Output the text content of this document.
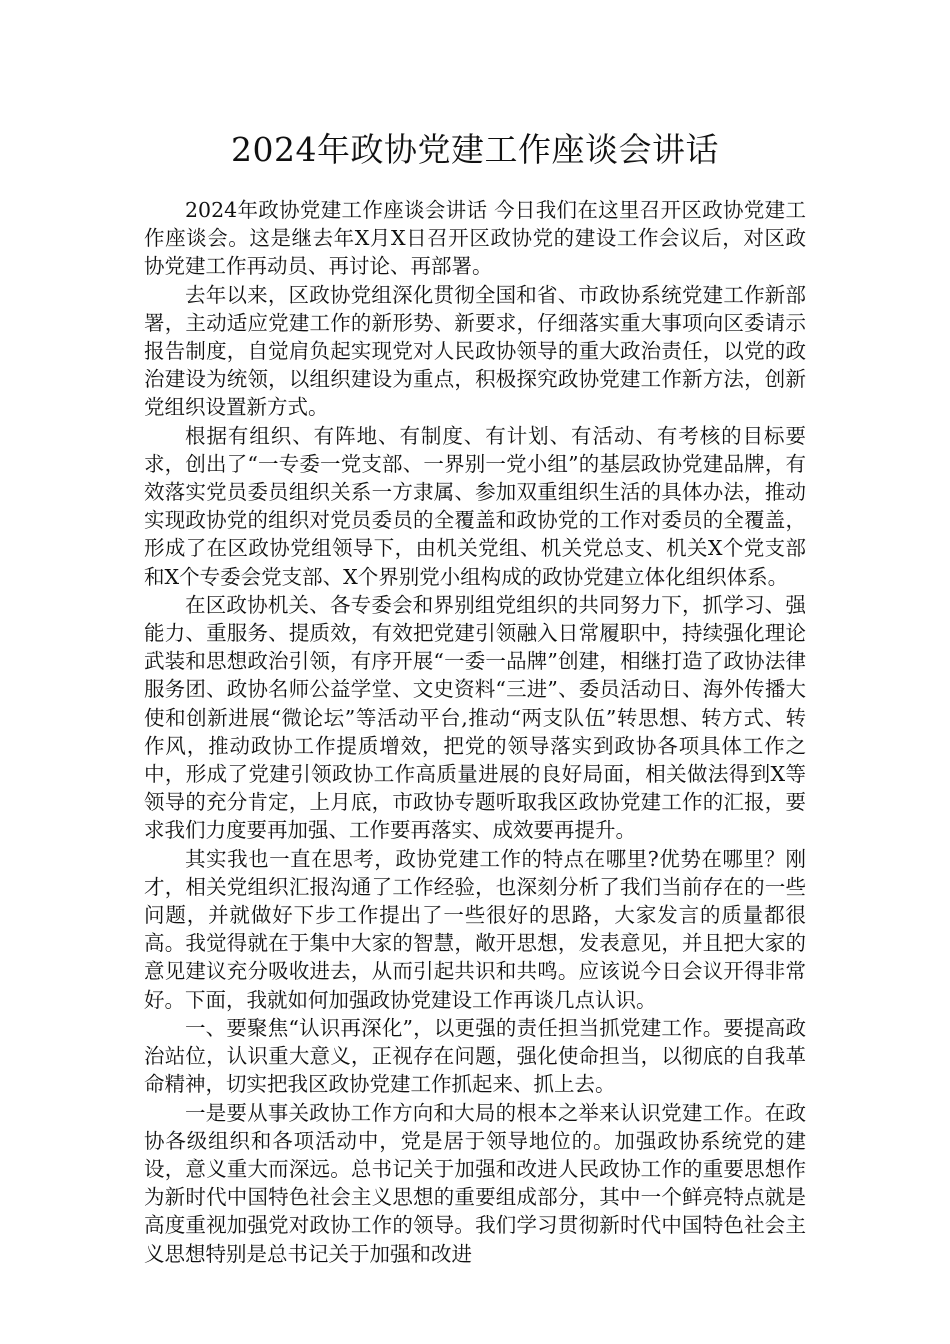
2024年政协党建工作座谈会讲话

2024年政协党建工作座谈会讲话 今日我们在这里召开区政协党建工作座谈会。这是继去年X月X日召开区政协党的建设工作会议后，对区政协党建工作再动员、再讨论、再部署。

去年以来，区政协党组深化贯彻全国和省、市政协系统党建工作新部署，主动适应党建工作的新形势、新要求，仔细落实重大事项向区委请示报告制度，自觉肩负起实现党对人民政协领导的重大政治责任，以党的政治建设为统领，以组织建设为重点，积极探究政协党建工作新方法，创新党组织设置新方式。

根据有组织、有阵地、有制度、有计划、有活动、有考核的目标要求，创出了“一专委一党支部、一界别一党小组”的基层政协党建品牌，有效落实党员委员组织关系一方隶属、参加双重组织生活的具体办法，推动实现政协党的组织对党员委员的全覆盖和政协党的工作对委员的全覆盖，形成了在区政协党组领导下，由机关党组、机关党总支、机关X个党支部和X个专委会党支部、X个界别党小组构成的政协党建立体化组织体系。

在区政协机关、各专委会和界别组党组织的共同努力下，抓学习、强能力、重服务、提质效，有效把党建引领融入日常履职中，持续强化理论武装和思想政治引领，有序开展“一委一品牌”创建，相继打造了政协法律服务团、政协名师公益学堂、文史资料“三进”、委员活动日、海外传播大使和创新进展“微论坛”等活动平台,推动“两支队伍”转思想、转方式、转作风，推动政协工作提质增效，把党的领导落实到政协各项具体工作之中，形成了党建引领政协工作高质量进展的良好局面，相关做法得到X等领导的充分肯定，上月底，市政协专题听取我区政协党建工作的汇报，要求我们力度要再加强、工作要再落实、成效要再提升。

其实我也一直在思考，政协党建工作的特点在哪里?优势在哪里？刚才，相关党组织汇报沟通了工作经验，也深刻分析了我们当前存在的一些问题，并就做好下步工作提出了一些很好的思路，大家发言的质量都很高。我觉得就在于集中大家的智慧，敞开思想，发表意见，并且把大家的意见建议充分吸收进去，从而引起共识和共鸣。应该说今日会议开得非常好。下面，我就如何加强政协党建设工作再谈几点认识。

一、要聚焦“认识再深化”，以更强的责任担当抓党建工作。要提高政治站位，认识重大意义，正视存在问题，强化使命担当，以彻底的自我革命精神，切实把我区政协党建工作抓起来、抓上去。

一是要从事关政协工作方向和大局的根本之举来认识党建工作。在政协各级组织和各项活动中，党是居于领导地位的。加强政协系统党的建设，意义重大而深远。总书记关于加强和改进人民政协工作的重要思想作为新时代中国特色社会主义思想的重要组成部分，其中一个鲜亮特点就是高度重视加强党对政协工作的领导。我们学习贯彻新时代中国特色社会主义思想特别是总书记关于加强和改进
